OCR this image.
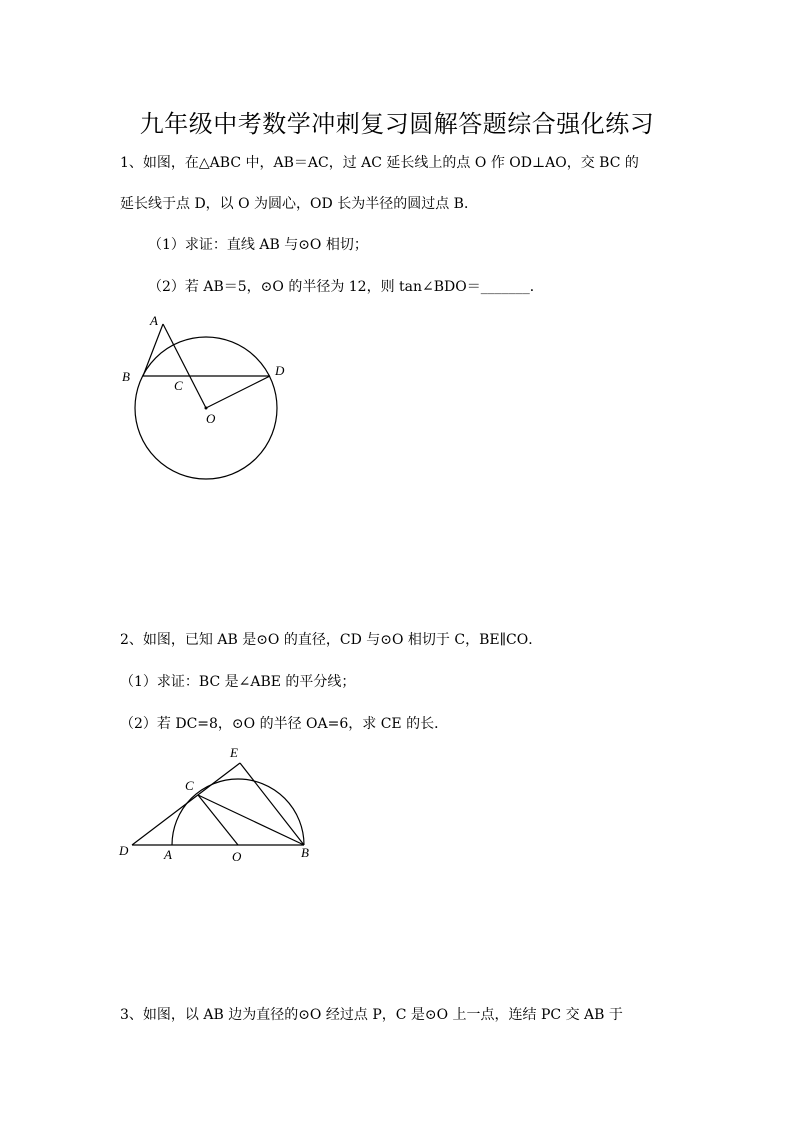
九年级中考数学冲刺复习圆解答题综合强化练习
1、如图，在△ABC 中，AB＝AC，过 AC 延长线上的点 O 作 OD⊥AO，交 BC 的
延长线于点 D，以 O 为圆心，OD 长为半径的圆过点 B．
（1）求证：直线 AB 与⊙O 相切；
（2）若 AB＝5，⊙O 的半径为 12，则 tan∠BDO＝_______．
A
B
C
D
O
2、如图，已知 AB 是⊙O 的直径，CD 与⊙O 相切于 C，BE∥CO．
（1）求证：BC 是∠ABE 的平分线；
（2）若 DC=8，⊙O 的半径 OA=6，求 CE 的长．
E
C
D	A	O	B
3、如图，以 AB 边为直径的⊙O 经过点 P，C 是⊙O 上一点，连结 PC 交 AB 于
